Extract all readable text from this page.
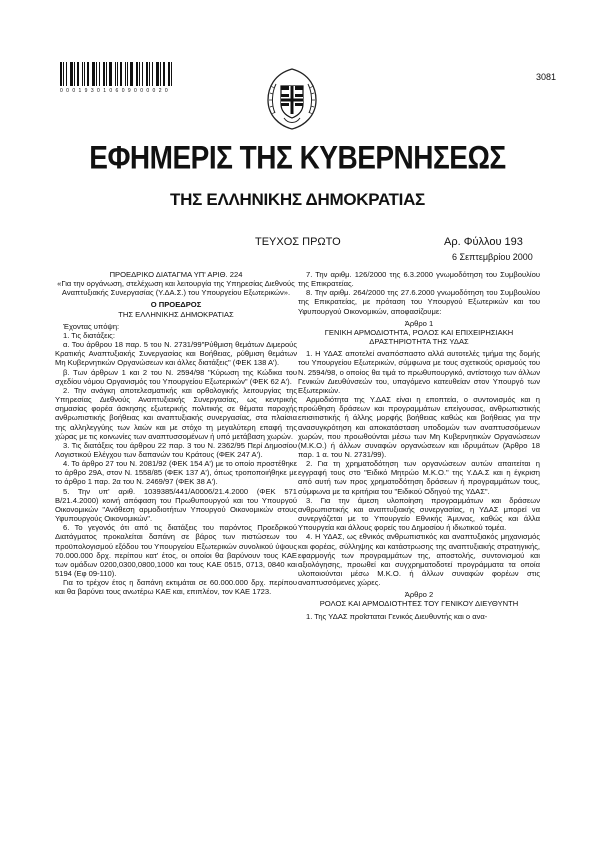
0 0 0 1 9 3 0 1 0 6 0 9 0 0 0 0 2 0
3081
ΕΦΗΜΕΡΙΣ ΤΗΣ ΚΥΒΕΡΝΗΣΕΩΣ
ΤΗΣ ΕΛΛΗΝΙΚΗΣ ΔΗΜΟΚΡΑΤΙΑΣ
ΤΕΥΧΟΣ ΠΡΩΤΟ	Αρ. Φύλλου 193
6 Σεπτεμβρίου 2000

ΠΡΟΕΔΡΙΚΟ ΔΙΑΤΑΓΜΑ ΥΠ' ΑΡΙΘ. 224

«Για την οργάνωση, στελέχωση και λειτουργία της Υπηρεσίας Διεθνούς Αναπτυξιακής Συνεργασίας (Υ.ΔΑ.Σ.) του Υπουργείου Εξωτερικών».

Ο ΠΡΟΕΔΡΟΣ

ΤΗΣ ΕΛΛΗΝΙΚΗΣ ΔΗΜΟΚΡΑΤΙΑΣ

Έχοντας υπόψη:

1. Τις διατάξεις:

α. Του άρθρου 18 παρ. 5 του Ν. 2731/99"Ρύθμιση θεμάτων Διμερούς Κρατικής Αναπτυξιακής Συνεργασίας και Βοήθειας, ρύθμιση θεμάτων Μη Κυβερνητικών Οργανώσεων και άλλες διατάξεις" (ΦΕΚ 138 Α').

β. Των άρθρων 1 και 2 του Ν. 2594/98 "Κύρωση της Κώδικα του σχεδίου νόμου Οργανισμός του Υπουργείου Εξωτερικών" (ΦΕΚ 62 Α').

2. Την ανάγκη αποτελεσματικής και ορθολογικής λειτουργίας της Υπηρεσίας Διεθνούς Αναπτυξιακής Συνεργασίας, ως κεντρικής σημασίας φορέα άσκησης εξωτερικής πολιτικής σε θέματα παροχής ανθρωπιστικής βοήθειας και αναπτυξιακής συνεργασίας, στα πλαίσια της αλληλεγγύης των λαών και με στόχο τη μεγαλύτερη επαφή της χώρας με τις κοινωνίες των αναπτυσσομένων ή υπό μετάβαση χωρών.

3. Τις διατάξεις του άρθρου 22 παρ. 3 του Ν. 2362/95 Περί Δημοσίου Λογιστικού Ελέγχου των δαπανών του Κράτους (ΦΕΚ 247 Α').

4. Το άρθρο 27 του Ν. 2081/92 (ΦΕΚ 154 Α') με το οποίο προστέθηκε το άρθρο 29Α, στον Ν. 1558/85 (ΦΕΚ 137 Α'), όπως τροποποιήθηκε με το άρθρο 1 παρ. 2α του Ν. 2469/97 (ΦΕΚ 38 Α').

5. Την υπ' αριθ. 1039385/441/Α0006/21.4.2000 (ΦΕΚ 571 Β/21.4.2000) κοινή απόφαση του Πρωθυπουργού και του Υπουργού Οικονομικών "Ανάθεση αρμοδιοτήτων Υπουργού Οικονομικών στους Υφυπουργούς Οικονομικών".

6. Το γεγονός ότι από τις διατάξεις του παρόντος Προεδρικού Διατάγματος προκαλείται δαπάνη σε βάρος των πιστώσεων του προϋπολογισμού εξόδου του Υπουργείου Εξωτερικών συνολικού ύψους 70.000.000 δρχ. περίπου κατ' έτος, οι οποίοι θα βαρύνουν τους ΚΑΕ των ομάδων 0200,0300,0800,1000 και τους ΚΑΕ 0515, 0713, 0840 και 5194 (Εφ 09-110).

Για το τρέχον έτος η δαπάνη εκτιμάται σε 60.000.000 δρχ. περίπου και θα βαρύνει τους ανωτέρω ΚΑΕ και, επιπλέον, τον ΚΑΕ 1723.

7. Την αριθμ. 126/2000 της 6.3.2000 γνωμοδότηση του Συμβουλίου της Επικρατείας.

8. Την αριθμ. 264/2000 της 27.6.2000 γνωμοδότηση του Συμβουλίου της Επικρατείας, με πρόταση του Υπουργού Εξωτερικών και του Υφυπουργού Οικονομικών, αποφασίζουμε:

Άρθρο 1

ΓΕΝΙΚΗ ΑΡΜΟΔΙΟΤΗΤΑ, ΡΟΛΟΣ ΚΑΙ ΕΠΙΧΕΙΡΗΣΙΑΚΗ ΔΡΑΣΤΗΡΙΟΤΗΤΑ ΤΗΣ ΥΔΑΣ

1. Η ΥΔΑΣ αποτελεί αναπόσπαστο αλλά αυτοτελές τμήμα της δομής του Υπουργείου Εξωτερικών, σύμφωνα με τους σχετικούς ορισμούς του Ν. 2594/98, ο οποίος θα τιμά το πρωθυπουργικό, αντίστοιχο των άλλων Γενικών Διευθύνσεών του, υπαγόμενο κατευθείαν στον Υπουργό των Εξωτερικών.

Αρμοδιότητα της Υ.ΔΑΣ είναι η εποπτεία, ο συντονισμός και η προώθηση δράσεων και προγραμμάτων επείγουσας, ανθρωπιστικής επισιτιστικής ή άλλης μορφής βοήθειας καθώς και βοήθειας για την ανασυγκρότηση και αποκατάσταση υποδομών των αναπτυσσόμενων χωρών, που προωθούνται μέσω των Μη Κυβερνητικών Οργανώσεων (Μ.Κ.Ο.) ή άλλων συναφών οργανώσεων και ιδρυμάτων (Άρθρο 18 παρ. 1 α. του Ν. 2731/99).

2. Για τη χρηματοδότηση των οργανώσεων αυτών απαιτείται η εγγραφή τους στο "Ειδικό Μητρώο Μ.Κ.Ο." της Υ.ΔΑ.Σ και η έγκριση από αυτή των προς χρηματοδότηση δράσεων ή προγραμμάτων τους, σύμφωνα με τα κριτήρια του "Ειδικού Οδηγού της ΥΔΑΣ".

3. Για την άμεση υλοποίηση προγραμμάτων και δράσεων ανθρωπιστικής και αναπτυξιακής συνεργασίας, η ΥΔΑΣ μπορεί να συνεργάζεται με το Υπουργείο Εθνικής Άμυνας, καθώς και άλλα Υπουργεία και άλλους φορείς του Δημοσίου ή ιδιωτικού τομέα.

4. Η ΥΔΑΣ, ως εθνικός ανθρωπιστικός και αναπτυξιακός μηχανισμός και φορέας, σύλληψης και κατάστρωσης της αναπτυξιακής στρατηγικής, εφαρμογής των προγραμμάτων της, αποστολής, συντονισμού και αξιολόγησης, προωθεί και συγχρηματοδοτεί προγράμματα τα οποία υλοποιούνται μέσω Μ.Κ.Ο. ή άλλων συναφών φορέων στις αναπτυσσόμενες χώρες.

Άρθρο 2

ΡΟΛΟΣ ΚΑΙ ΑΡΜΟΔΙΟΤΗΤΕΣ ΤΟΥ ΓΕΝΙΚΟΥ ΔΙΕΥΘΥΝΤΗ

1. Της ΥΔΑΣ προΐσταται Γενικός Διευθυντής και ο ανα-
